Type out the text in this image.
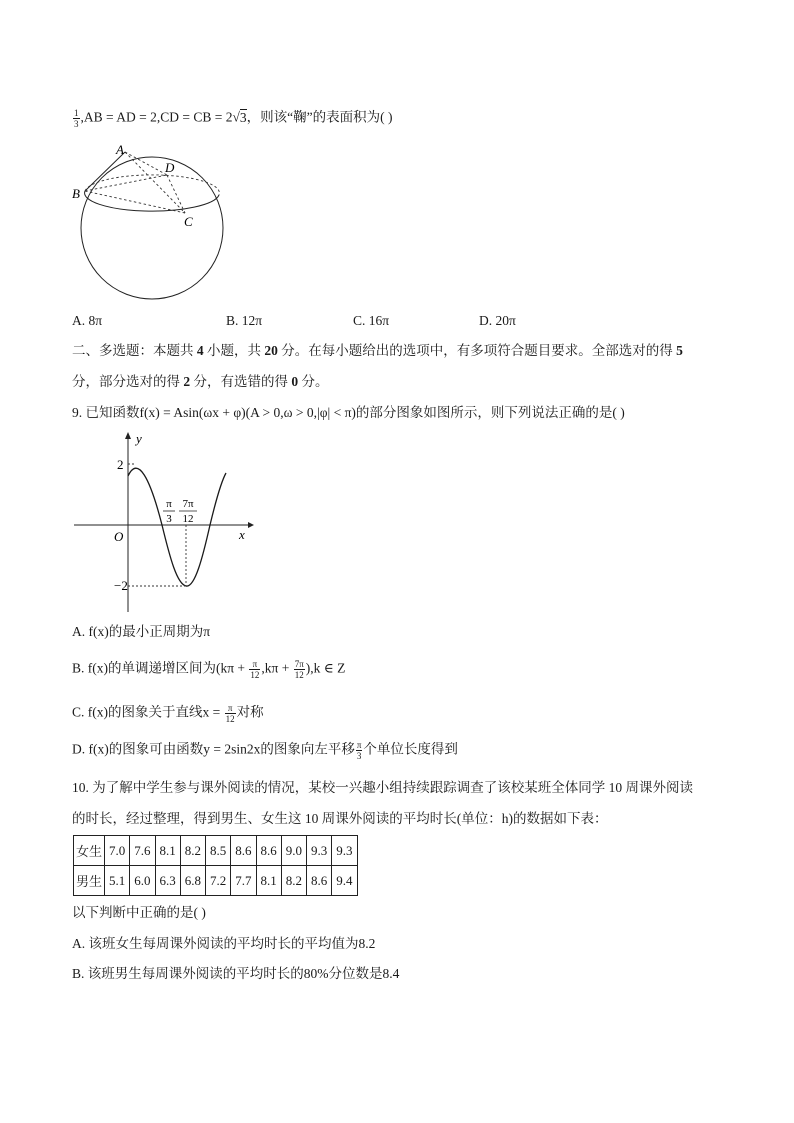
$\frac{1}{3} ,AB$ = AD = 2,CD = CB = 2√3，则该“鞠”的表面积为( )
A
B
D
C
A. 8π	B. 12π	C. 16π	D. 20π
二、多选题：本题共 4 小题，共 20 分。在每小题给出的选项中，有多项符合题目要求。全部选对的得 5
分，部分选对的得 2 分，有选错的得 0 分。
9. 已知函数f(x) = Asin(ωx + φ)(A > 0,ω > 0,|φ| < π)的部分图象如图所示，则下列说法正确的是( )
y
x
O
2
−2
π
3
7π
12
A. f(x)的最小正周期为π
B. f(x)的单调递增区间为$(k\pi + \frac{\pi}{12} ,k\pi + \frac{7\pi}{12} ),k$ ∈ Z
C. f(x)的图象关于直线$x = \frac{\pi}{12}$ 对称
D. f(x)的图象可由函数y = 2sin2x的图象向左平移 $\frac{\pi}{3}$ 个单位长度得到
10. 为了解中学生参与课外阅读的情况，某校一兴趣小组持续跟踪调查了该校某班全体同学 10 周课外阅读
的时长，经过整理，得到男生、女生这 10 周课外阅读的平均时长(单位：h)的数据如下表：
女生	7.0	7.6	8.1	8.2	8.5	8.6	8.6	9.0	9.3	9.3
男生	5.1	6.0	6.3	6.8	7.2	7.7	8.1	8.2	8.6	9.4
以下判断中正确的是( )
A. 该班女生每周课外阅读的平均时长的平均值为8.2
B. 该班男生每周课外阅读的平均时长的80%分位数是8.4
